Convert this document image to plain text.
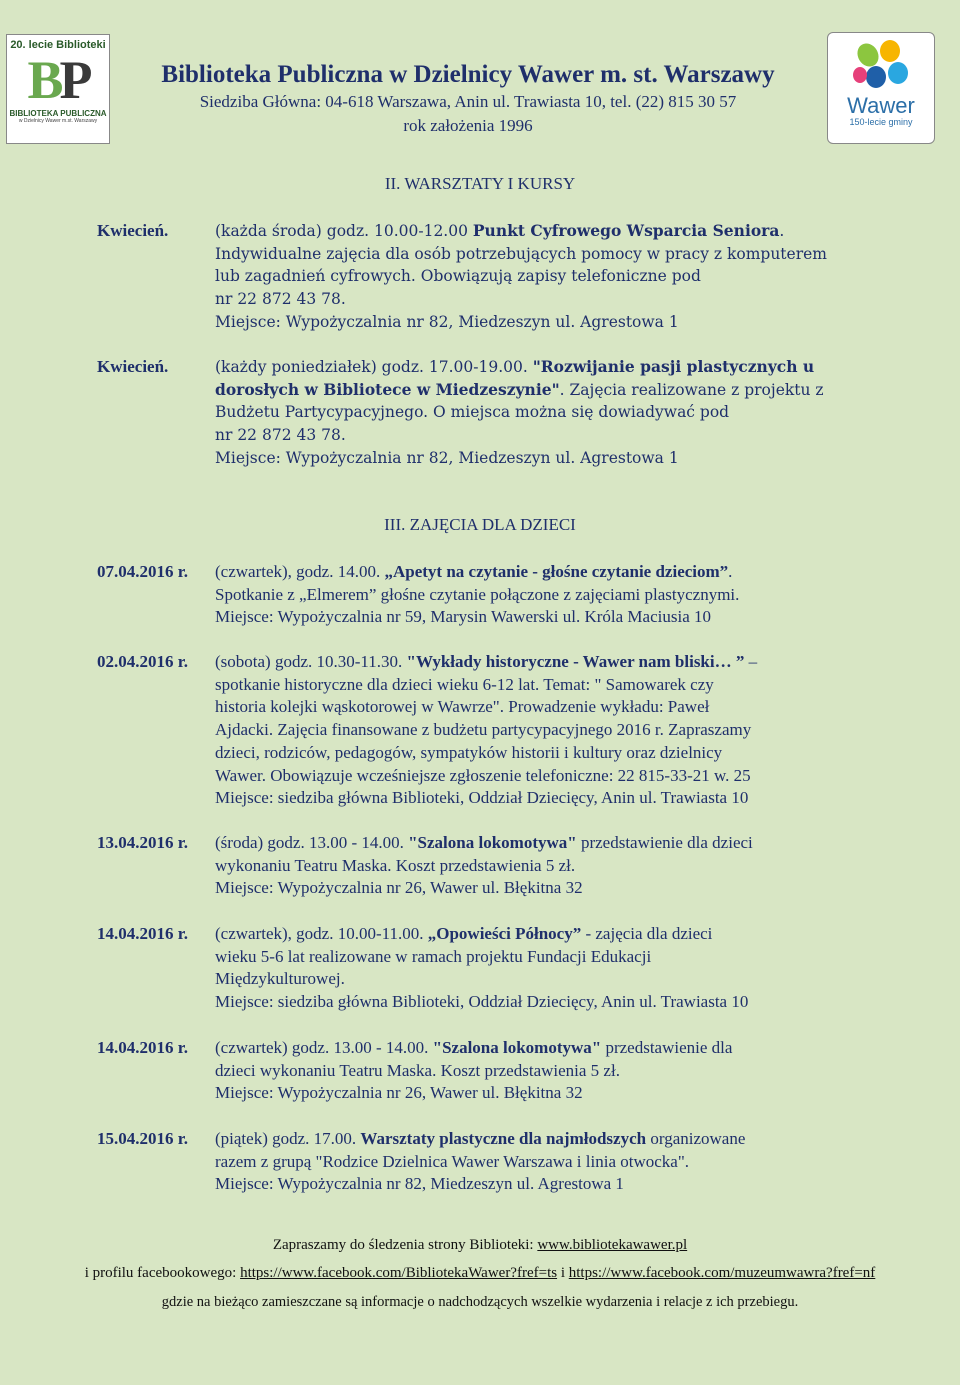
20. lecie Biblioteki
BP
BIBLIOTEKA PUBLICZNA
w Dzielnicy Wawer m.st. Warszawy
Wawer
150-lecie gminy
Biblioteka Publiczna w Dzielnicy Wawer m. st. Warszawy
Siedziba Główna: 04-618 Warszawa, Anin ul. Trawiasta 10, tel. (22) 815 30 57
rok założenia 1996
II. WARSZTATY I KURSY
Kwiecień.	(każda środa) godz. 10.00-12.00 Punkt Cyfrowego Wsparcia Seniora.
Indywidualne zajęcia dla osób potrzebujących pomocy w pracy z komputerem
lub zagadnień cyfrowych. Obowiązują zapisy telefoniczne pod
nr 22 872 43 78.
Miejsce: Wypożyczalnia nr 82, Miedzeszyn ul. Agrestowa 1
Kwiecień.	(każdy poniedziałek) godz. 17.00-19.00. "Rozwijanie pasji plastycznych u
dorosłych w Bibliotece w Miedzeszynie". Zajęcia realizowane z projektu z
Budżetu Partycypacyjnego. O miejsca można się dowiadywać pod
nr 22 872 43 78.
Miejsce: Wypożyczalnia nr 82, Miedzeszyn ul. Agrestowa 1
III. ZAJĘCIA DLA DZIECI
07.04.2016 r. (czwartek), godz. 14.00. „Apetyt na czytanie - głośne czytanie dzieciom”.
Spotkanie z „Elmerem” głośne czytanie połączone z zajęciami plastycznymi.
Miejsce: Wypożyczalnia nr 59, Marysin Wawerski ul. Króla Maciusia 10
02.04.2016 r. (sobota) godz. 10.30-11.30. "Wykłady historyczne - Wawer nam bliski… ” –
spotkanie historyczne dla dzieci wieku 6-12 lat. Temat: " Samowarek czy
historia kolejki wąskotorowej w Wawrze". Prowadzenie wykładu: Paweł
Ajdacki. Zajęcia finansowane z budżetu partycypacyjnego 2016 r. Zapraszamy
dzieci, rodziców, pedagogów, sympatyków historii i kultury oraz dzielnicy
Wawer. Obowiązuje wcześniejsze zgłoszenie telefoniczne: 22 815-33-21 w. 25
Miejsce: siedziba główna Biblioteki, Oddział Dziecięcy, Anin ul. Trawiasta 10
13.04.2016 r. (środa) godz. 13.00 - 14.00. "Szalona lokomotywa" przedstawienie dla dzieci
wykonaniu Teatru Maska. Koszt przedstawienia 5 zł.
Miejsce: Wypożyczalnia nr 26, Wawer ul. Błękitna 32
14.04.2016 r. (czwartek), godz. 10.00-11.00. „Opowieści Północy” - zajęcia dla dzieci
wieku 5-6 lat realizowane w ramach projektu Fundacji Edukacji
Międzykulturowej.
Miejsce: siedziba główna Biblioteki, Oddział Dziecięcy, Anin ul. Trawiasta 10
14.04.2016 r. (czwartek) godz. 13.00 - 14.00. "Szalona lokomotywa" przedstawienie dla
dzieci wykonaniu Teatru Maska. Koszt przedstawienia 5 zł.
Miejsce: Wypożyczalnia nr 26, Wawer ul. Błękitna 32
15.04.2016 r. (piątek) godz. 17.00. Warsztaty plastyczne dla najmłodszych organizowane
razem z grupą "Rodzice Dzielnica Wawer Warszawa i linia otwocka".
Miejsce: Wypożyczalnia nr 82, Miedzeszyn ul. Agrestowa 1
Zapraszamy do śledzenia strony Biblioteki: www.bibliotekawawer.pl
i profilu facebookowego: https://www.facebook.com/BibliotekaWawer?fref=ts i https://www.facebook.com/muzeumwawra?fref=nf
gdzie na bieżąco zamieszczane są informacje o nadchodzących wszelkie wydarzenia i relacje z ich przebiegu.
